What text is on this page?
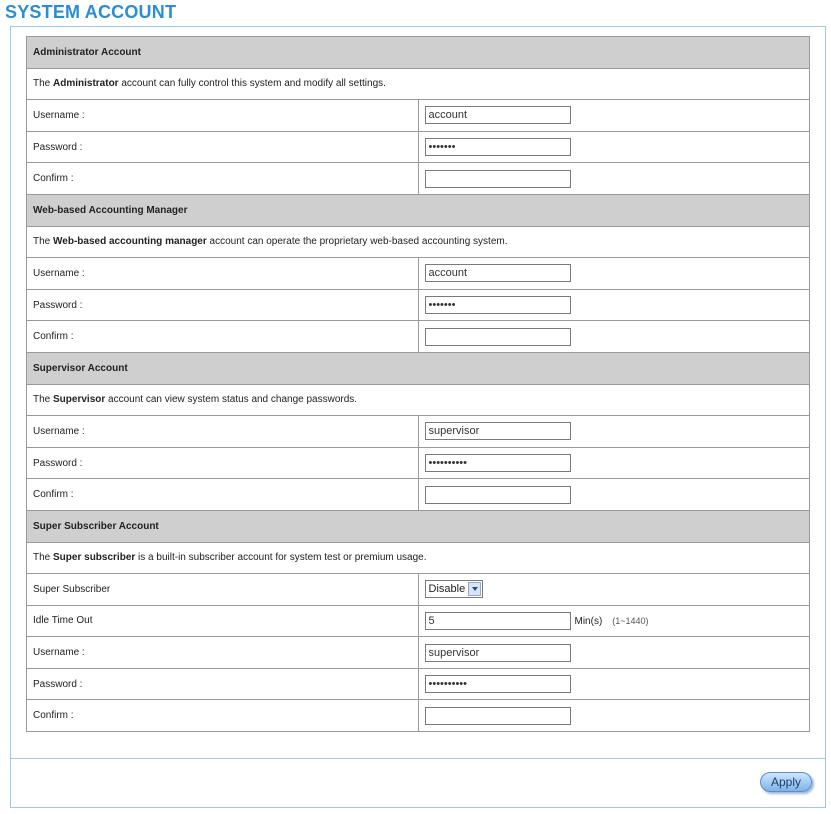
SYSTEM ACCOUNT
Administrator Account	
The Administrator account can fully control this system and modify all settings.	
Username :	account
Password :	•••••••
Confirm :	
Web-based Accounting Manager	
The Web-based accounting manager account can operate the proprietary web-based accounting system.	
Username :	account
Password :	•••••••
Confirm :	
Supervisor Account	
The Supervisor account can view system status and change passwords.	
Username :	supervisor
Password :	••••••••••
Confirm :	
Super Subscriber Account	
The Super subscriber is a built-in subscriber account for system test or premium usage.	
Super Subscriber	Disable

Idle Time Out	5Min(s) (1~1440)
Username :	supervisor
Password :	••••••••••
Confirm :	
Apply
